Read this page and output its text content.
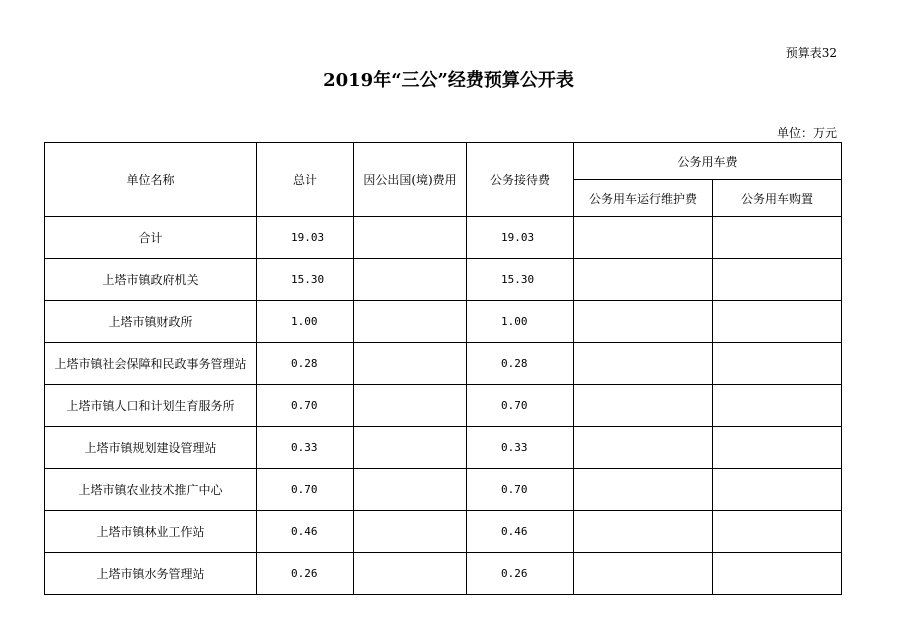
预算表32
2019年“三公”经费预算公开表
单位：万元
单位名称	总计	因公出国(境)费用	公务接待费	公务用车费	
				公务用车运行维护费	公务用车购置
合计	19.03		19.03		
上塔市镇政府机关	15.30		15.30		
上塔市镇财政所	1.00		1.00		
上塔市镇社会保障和民政事务管理站	0.28		0.28		
上塔市镇人口和计划生育服务所	0.70		0.70		
上塔市镇规划建设管理站	0.33		0.33		
上塔市镇农业技术推广中心	0.70		0.70		
上塔市镇林业工作站	0.46		0.46		
上塔市镇水务管理站	0.26		0.26		
